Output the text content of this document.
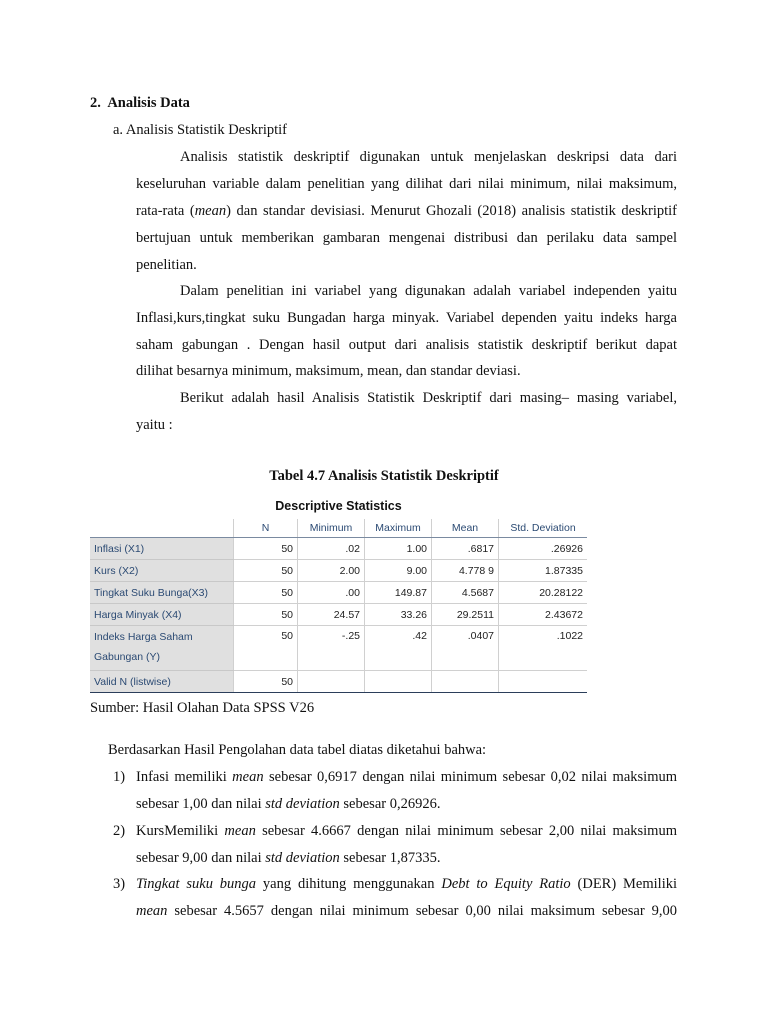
2. Analisis Data
a. Analisis Statistik Deskriptif
Analisis statistik deskriptif digunakan untuk menjelaskan deskripsi data dari
keseluruhan variable dalam penelitian yang dilihat dari nilai minimum, nilai maksimum,
rata-rata (mean) dan standar devisiasi. Menurut Ghozali (2018) analisis statistik deskriptif
bertujuan untuk memberikan gambaran mengenai distribusi dan perilaku data sampel
penelitian.
Dalam penelitian ini variabel yang digunakan adalah variabel independen yaitu
Inflasi,kurs,tingkat suku Bungadan harga minyak. Variabel dependen yaitu indeks harga
saham gabungan . Dengan hasil output dari analisis statistik deskriptif berikut dapat
dilihat besarnya minimum, maksimum, mean, dan standar deviasi.
Berikut adalah hasil Analisis Statistik Deskriptif dari masing– masing variabel,
yaitu :
Tabel 4.7 Analisis Statistik Deskriptif
Descriptive Statistics
	N	Minimum	Maximum	Mean	Std. Deviation
Inflasi (X1)	50	.02	1.00	.6817	.26926
Kurs (X2)	50	2.00	9.00	4.778 9	1.87335
Tingkat Suku Bunga(X3)	50	.00	149.87	4.5687	20.28122
Harga Minyak (X4)	50	24.57	33.26	29.2511	2.43672
Indeks Harga Saham Gabungan (Y)	50	-.25	.42	.0407	.1022
Valid N (listwise)	50				
Sumber: Hasil Olahan Data SPSS V26
Berdasarkan Hasil Pengolahan data tabel diatas diketahui bahwa:
1) Infasi memiliki mean sebesar 0,6917 dengan nilai minimum sebesar 0,02 nilai maksimum
sebesar 1,00 dan nilai std deviation sebesar 0,26926.
2) KursMemiliki mean sebesar 4.6667 dengan nilai minimum sebesar 2,00 nilai maksimum
sebesar 9,00 dan nilai std deviation sebesar 1,87335.
3) Tingkat suku bunga yang dihitung menggunakan Debt to Equity Ratio (DER) Memiliki
mean sebesar 4.5657 dengan nilai minimum sebesar 0,00 nilai maksimum sebesar 9,00
